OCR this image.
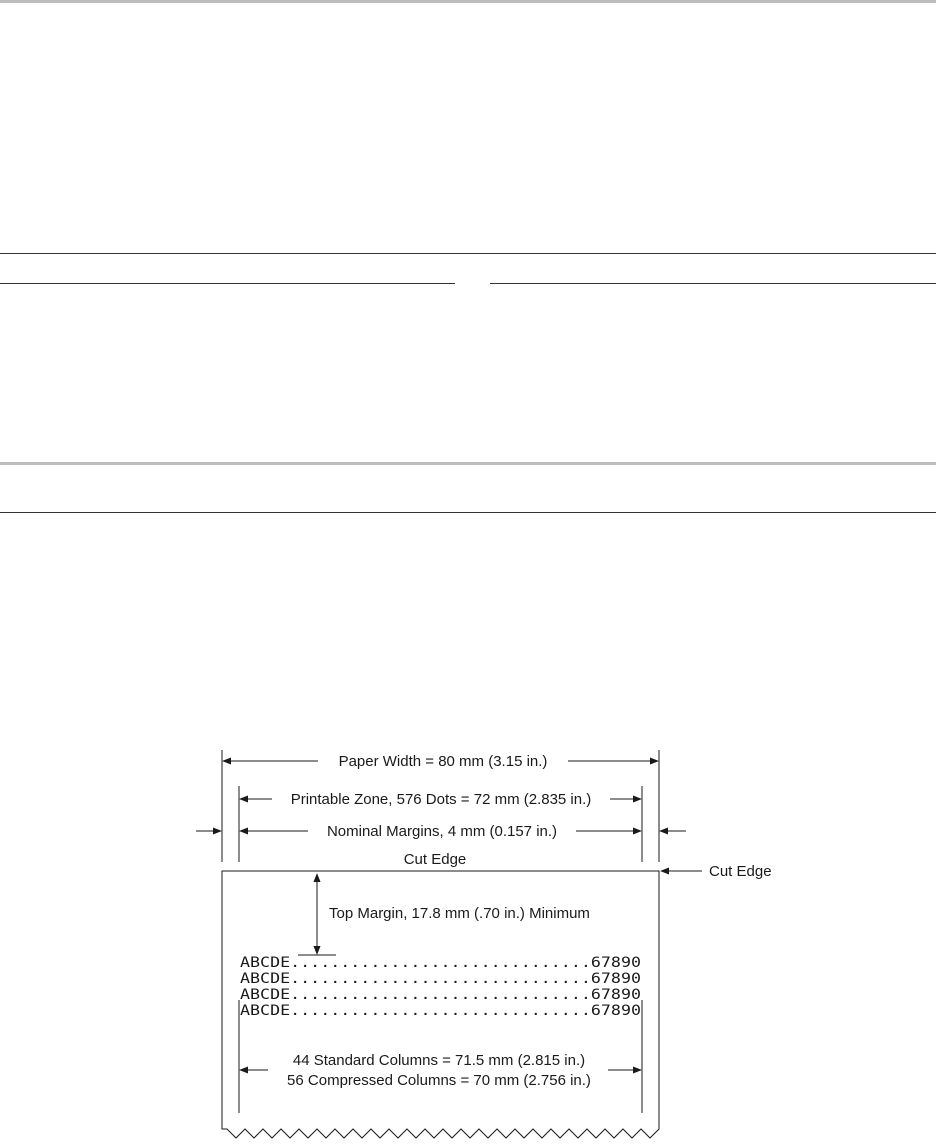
Paper Width = 80 mm (3.15 in.)
Printable Zone, 576 Dots = 72 mm (2.835 in.)
Nominal Margins, 4 mm (0.157 in.)
Cut Edge
Cut Edge
Top Margin, 17.8 mm (.70 in.) Minimum
ABCDE..............................67890
ABCDE..............................67890
ABCDE..............................67890
ABCDE..............................67890
44 Standard Columns = 71.5 mm (2.815 in.)
56 Compressed Columns = 70 mm (2.756 in.)
